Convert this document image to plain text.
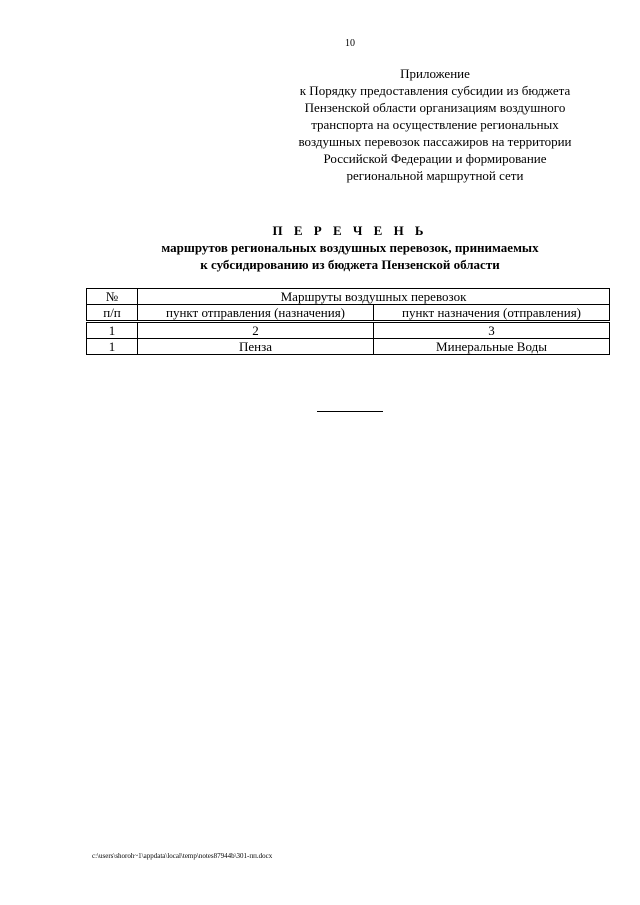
10
Приложение
к Порядку предоставления субсидии из бюджета
Пензенской области организациям воздушного
транспорта на осуществление региональных
воздушных перевозок пассажиров на территории
Российской Федерации и формирование
региональной маршрутной сети
П Е Р Е Ч Е Н Ь
маршрутов региональных воздушных перевозок, принимаемых
к субсидированию из бюджета Пензенской области
№	Маршруты воздушных перевозок	
п/п	пункт отправления (назначения)	пункт назначения (отправления)
1	2	3
1	Пенза	Минеральные Воды
c:\users\shoroh~1\appdata\local\temp\notes87944b\301-пп.docx
